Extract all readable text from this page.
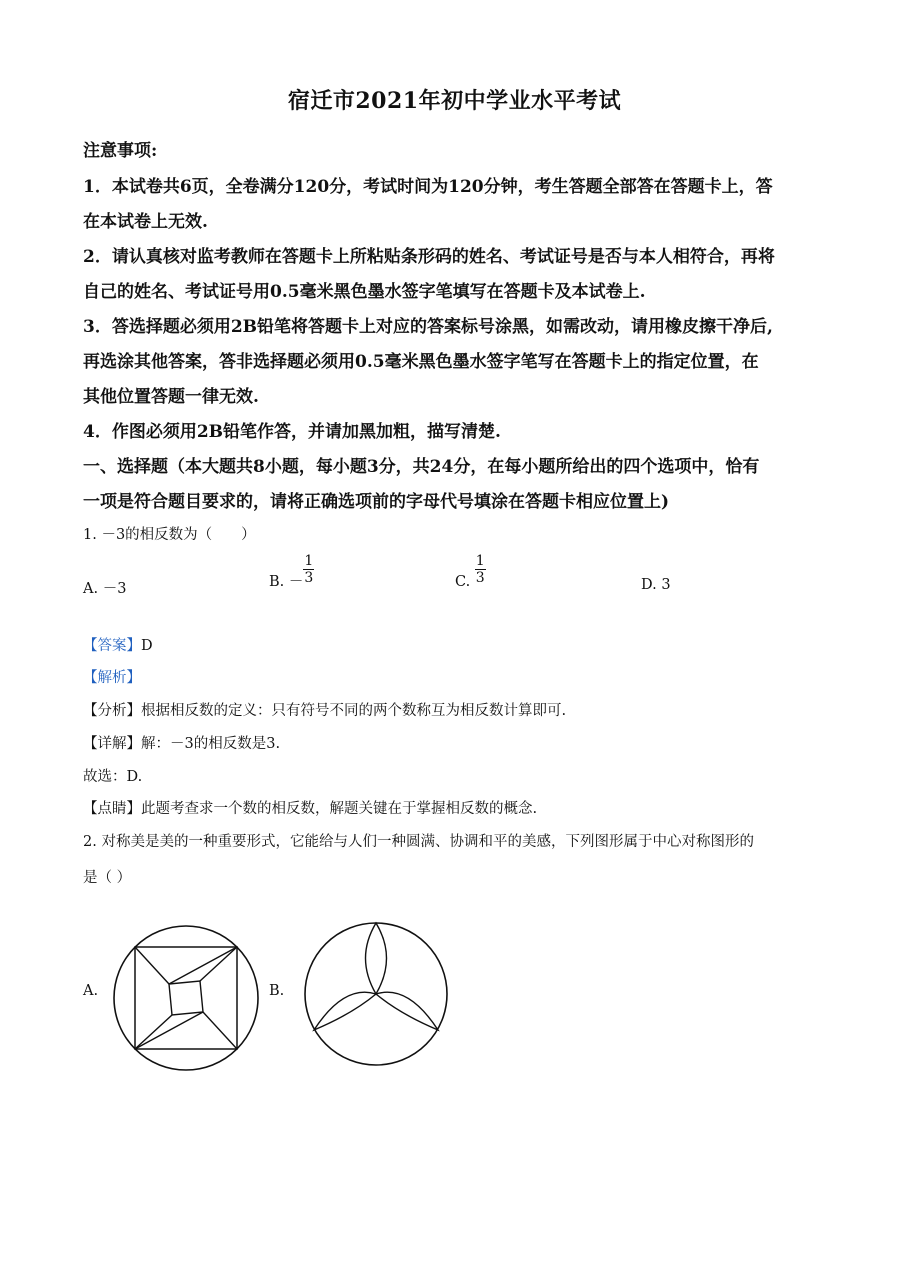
宿迁市2021年初中学业水平考试
注意事项:
1．本试卷共6页，全卷满分120分，考试时间为120分钟，考生答题全部答在答题卡上，答
在本试卷上无效.
2．请认真核对监考教师在答题卡上所粘贴条形码的姓名、考试证号是否与本人相符合，再将
自己的姓名、考试证号用0.5毫米黑色墨水签字笔填写在答题卡及本试卷上.
3．答选择题必须用2B铅笔将答题卡上对应的答案标号涂黑，如需改动，请用橡皮擦干净后,
再选涂其他答案，答非选择题必须用0.5毫米黑色墨水签字笔写在答题卡上的指定位置，在
其他位置答题一律无效.
4．作图必须用2B铅笔作答，并请加黑加粗，描写清楚.
一、选择题（本大题共8小题，每小题3分，共24分，在每小题所给出的四个选项中，恰有
一项是符合题目要求的，请将正确选项前的字母代号填涂在答题卡相应位置上)
1. －3的相反数为（　　）
A. －3	B. － $\frac{1}{3}$	C. $\frac{1}{3}$	D. 3
【答案】D
【解析】
【分析】根据相反数的定义：只有符号不同的两个数称互为相反数计算即可.
【详解】解：－3的相反数是3.
故选：D.
【点睛】此题考查求一个数的相反数，解题关键在于掌握相反数的概念.
2. 对称美是美的一种重要形式，它能给与人们一种圆满、协调和平的美感，下列图形属于中心对称图形的
是（ ）
A.	B.
